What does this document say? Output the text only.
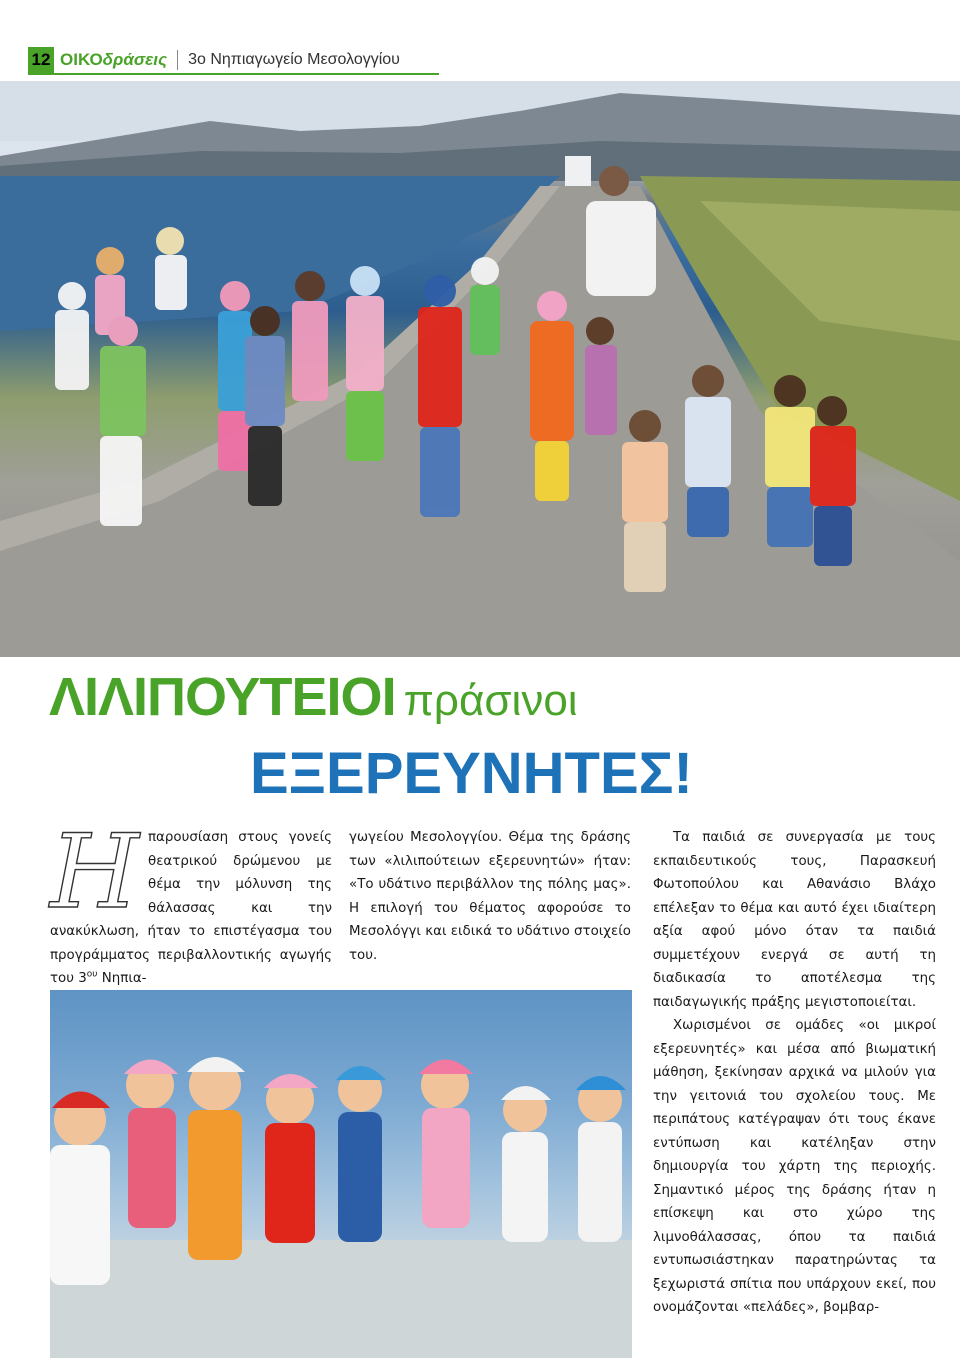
12 ΟΙΚΟ δράσεις 3ο Νηπιαγωγείο Μεσολογγίου
ΛΙΛΙΠΟΥΤΕΙΟΙ πράσινοι
ΕΞΕΡΕΥΝΗΤΕΣ!
Η παρουσίαση στους γονείς θεατρικού δρώμενου με θέμα την μόλυνση της θάλασσας και την ανακύκλωση, ήταν το επιστέγασμα του προγράμματος περιβαλλοντικής αγωγής του $3^{o\upsilon}$ Νηπια-
γωγείου Μεσολογγίου. Θέμα της δράσης των «λιλιπούτειων εξερευνητών» ήταν: «Το υδάτινο περιβάλλον της πόλης μας». Η επιλογή του θέματος αφορούσε το Μεσολόγγι και ειδικά το υδάτινο στοιχείο του.

Τα παιδιά σε συνεργασία με τους εκπαιδευτικούς τους, Παρασκευή Φωτοπούλου και Αθανάσιο Βλάχο επέλεξαν το θέμα και αυτό έχει ιδιαίτερη αξία αφού μόνο όταν τα παιδιά συμμετέχουν ενεργά σε αυτή τη διαδικασία το αποτέλεσμα της παιδαγωγικής πράξης μεγιστοποιείται.

Χωρισμένοι σε ομάδες «οι μικροί εξερευνητές» και μέσα από βιωματική μάθηση, ξεκίνησαν αρχικά να μιλούν για την γειτονιά του σχολείου τους. Με περιπάτους κατέγραψαν ότι τους έκανε εντύπωση και κατέληξαν στην δημιουργία του χάρτη της περιοχής. Σημαντικό μέρος της δράσης ήταν η επίσκεψη και στο χώρο της λιμνοθάλασσας, όπου τα παιδιά εντυπωσιάστηκαν παρατηρώντας τα ξεχωριστά σπίτια που υπάρχουν εκεί, που ονομάζονται «πελάδες», βομβαρ-
